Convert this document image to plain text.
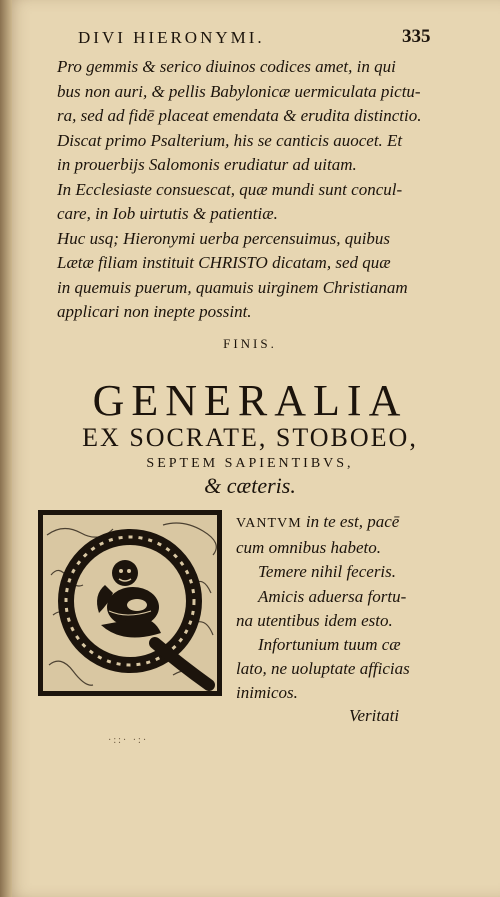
DIVI HIERONYMI.	335

Pro gemmis & serico diuinos codices amet, in qui

bus non auri, & pellis Babylonicæ uermiculata pictu-

ra, sed ad fidē placeat emendata & erudita distinctio.

Discat primo Psalterium, his se canticis auocet. Et

in prouerbijs Salomonis erudiatur ad uitam.

In Ecclesiaste consuescat, quæ mundi sunt concul-

care, in Iob uirtutis & patientiæ.

Huc usq; Hieronymi uerba percensuimus, quibus

Lætæ filiam instituit CHRISTO dicatam, sed quæ

in quemuis puerum, quamuis uirginem Christianam

applicari non inepte possint.

FINIS.
GENERALIA
EX SOCRATE, STOBOEO,
SEPTEM SAPIENTIBVS,
& cæteris.

VANTVM in te est, pacē

cum omnibus habeto.

Temere nihil feceris.

Amicis aduersa fortu-

na utentibus idem esto.

Infortunium tuum cæ

lato, ne uoluptate afficias

inimicos.

Veritati
·::· ·:·
